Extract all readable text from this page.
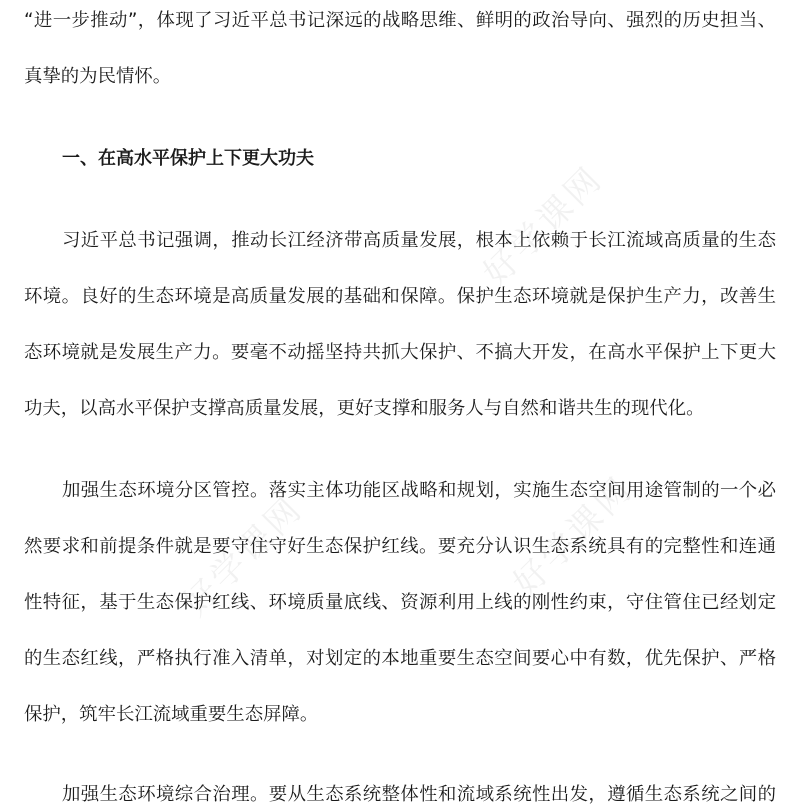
好学课网
好学课网	好学课网
“进一步推动”，体现了习近平总书记深远的战略思维、鲜明的政治导向、强烈的历史担当、
真挚的为民情怀。
一、在高水平保护上下更大功夫
习近平总书记强调，推动长江经济带高质量发展，根本上依赖于长江流域高质量的生态
环境。良好的生态环境是高质量发展的基础和保障。保护生态环境就是保护生产力，改善生
态环境就是发展生产力。要毫不动摇坚持共抓大保护、不搞大开发，在高水平保护上下更大
功夫，以高水平保护支撑高质量发展，更好支撑和服务人与自然和谐共生的现代化。
加强生态环境分区管控。落实主体功能区战略和规划，实施生态空间用途管制的一个必
然要求和前提条件就是要守住守好生态保护红线。要充分认识生态系统具有的完整性和连通
性特征，基于生态保护红线、环境质量底线、资源利用上线的刚性约束，守住管住已经划定
的生态红线，严格执行准入清单，对划定的本地重要生态空间要心中有数，优先保护、严格
保护，筑牢长江流域重要生态屏障。
加强生态环境综合治理。要从生态系统整体性和流域系统性出发，遵循生态系统之间的
